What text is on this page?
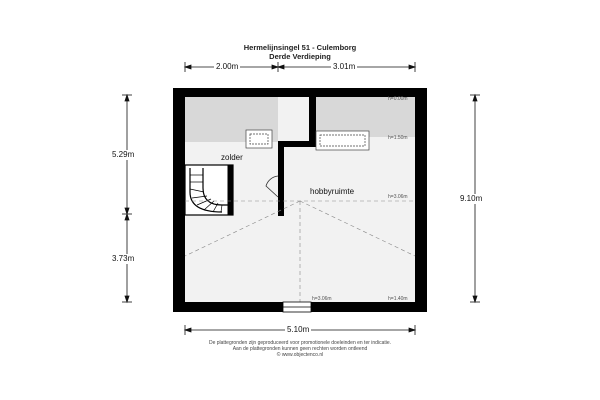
Hermelijnsingel 51 - Culemborg
Derde Verdieping
2.00m	3.01m
5.29m
3.73m
9.10m
5.10m
zolder
hobbyruimte
h=0.00m
h=1.50m
h=3.06m
h=3.06m	h=1.40m
De plattegronden zijn geproduceerd voor promotionele doeleinden en ter indicatie.
Aan de plattegronden kunnen geen rechten worden ontleend
© www.objectenco.nl
